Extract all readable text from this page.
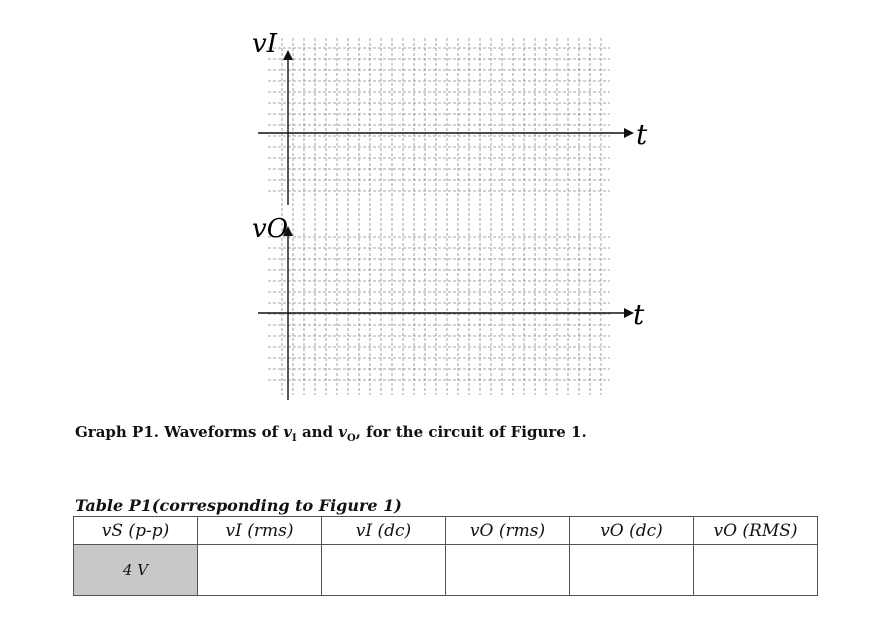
vI
vO
t
t
Graph P1. Waveforms of $v_I$ and $v_O$, for the circuit of Figure 1.
Table P1(corresponding to Figure 1)
vS (p-p)	vI (rms)	vI (dc)	vO (rms)	vO (dc)	vO (RMS)
4 V					
